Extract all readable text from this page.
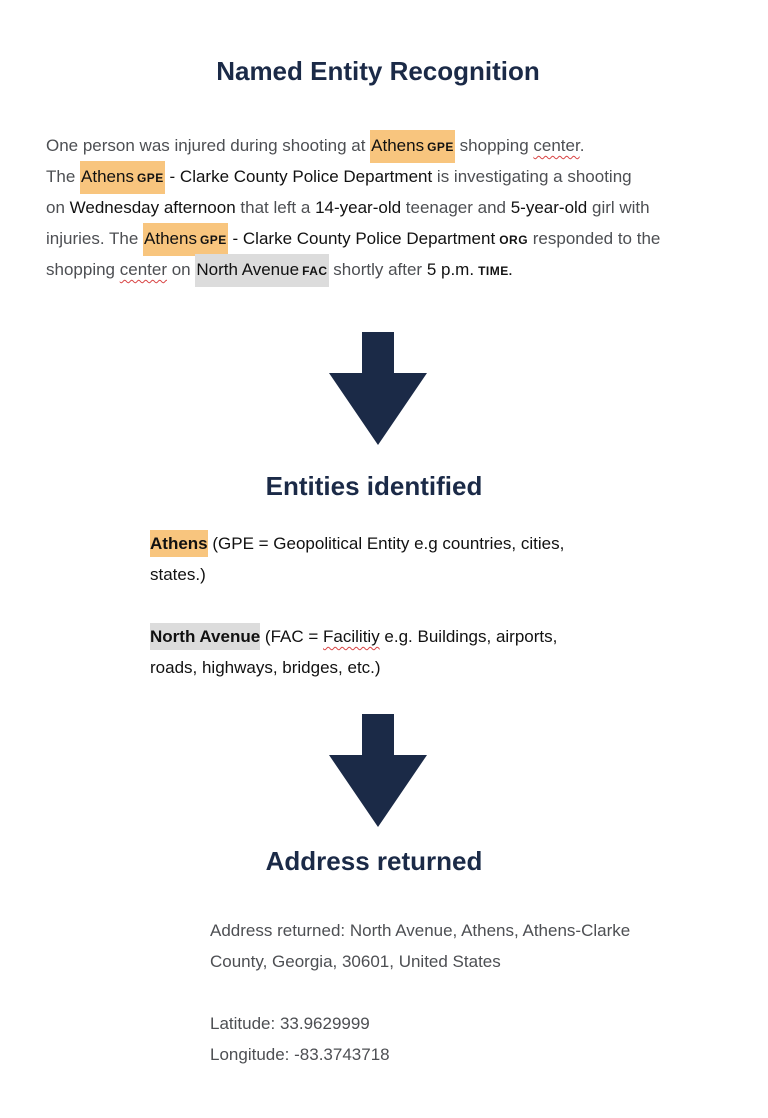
Named Entity Recognition
One person was injured during shooting at Athens GPE shopping center.
The Athens GPE - Clarke County Police Department is investigating a shooting
on Wednesday afternoon that left a 14-year-old teenager and 5-year-old girl with
injuries. The Athens GPE - Clarke County Police Department ORG responded to the
shopping center on North Avenue FAC shortly after 5 p.m. TIME.
Entities identified
Athens (GPE = Geopolitical Entity e.g countries, cities,
states.)
North Avenue (FAC = Facilitiy e.g. Buildings, airports,
roads, highways, bridges, etc.)
Address returned

Address returned: North Avenue, Athens, Athens-Clarke

County, Georgia, 30601, United States

Latitude: 33.9629999

Longitude: -83.3743718
